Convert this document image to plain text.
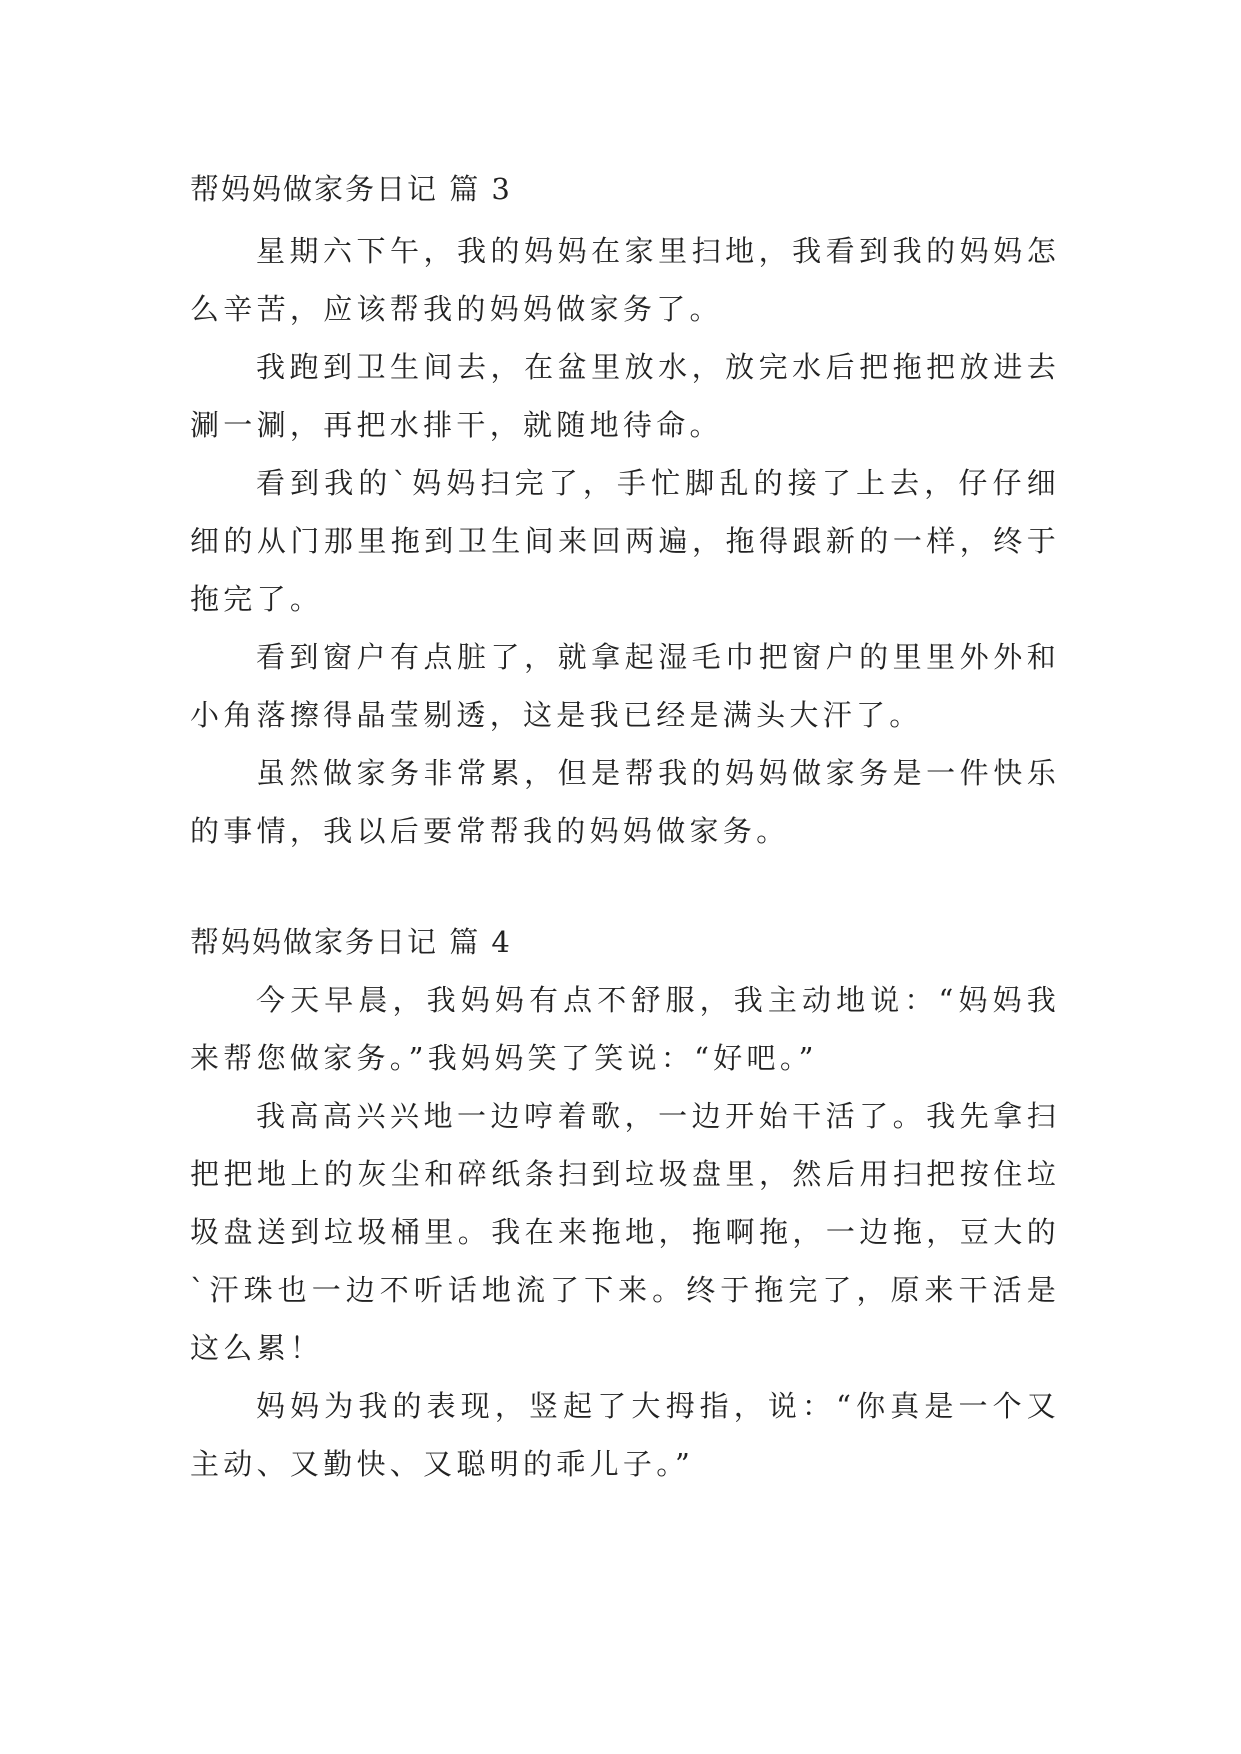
帮妈妈做家务日记 篇 3

星期六下午，我的妈妈在家里扫地，我看到我的妈妈怎么辛苦，应该帮我的妈妈做家务了。

我跑到卫生间去，在盆里放水，放完水后把拖把放进去涮一涮，再把水排干，就随地待命。

看到我的`妈妈扫完了，手忙脚乱的接了上去，仔仔细细的从门那里拖到卫生间来回两遍，拖得跟新的一样，终于拖完了。

看到窗户有点脏了，就拿起湿毛巾把窗户的里里外外和小角落擦得晶莹剔透，这是我已经是满头大汗了。

虽然做家务非常累，但是帮我的妈妈做家务是一件快乐的事情，我以后要常帮我的妈妈做家务。

帮妈妈做家务日记 篇 4

今天早晨，我妈妈有点不舒服，我主动地说：“妈妈我来帮您做家务。”我妈妈笑了笑说：“好吧。”

我高高兴兴地一边哼着歌，一边开始干活了。我先拿扫把把地上的灰尘和碎纸条扫到垃圾盘里，然后用扫把按住垃圾盘送到垃圾桶里。我在来拖地，拖啊拖，一边拖，豆大的`汗珠也一边不听话地流了下来。终于拖完了，原来干活是这么累！

妈妈为我的表现，竖起了大拇指，说：“你真是一个又主动、又勤快、又聪明的乖儿子。”
